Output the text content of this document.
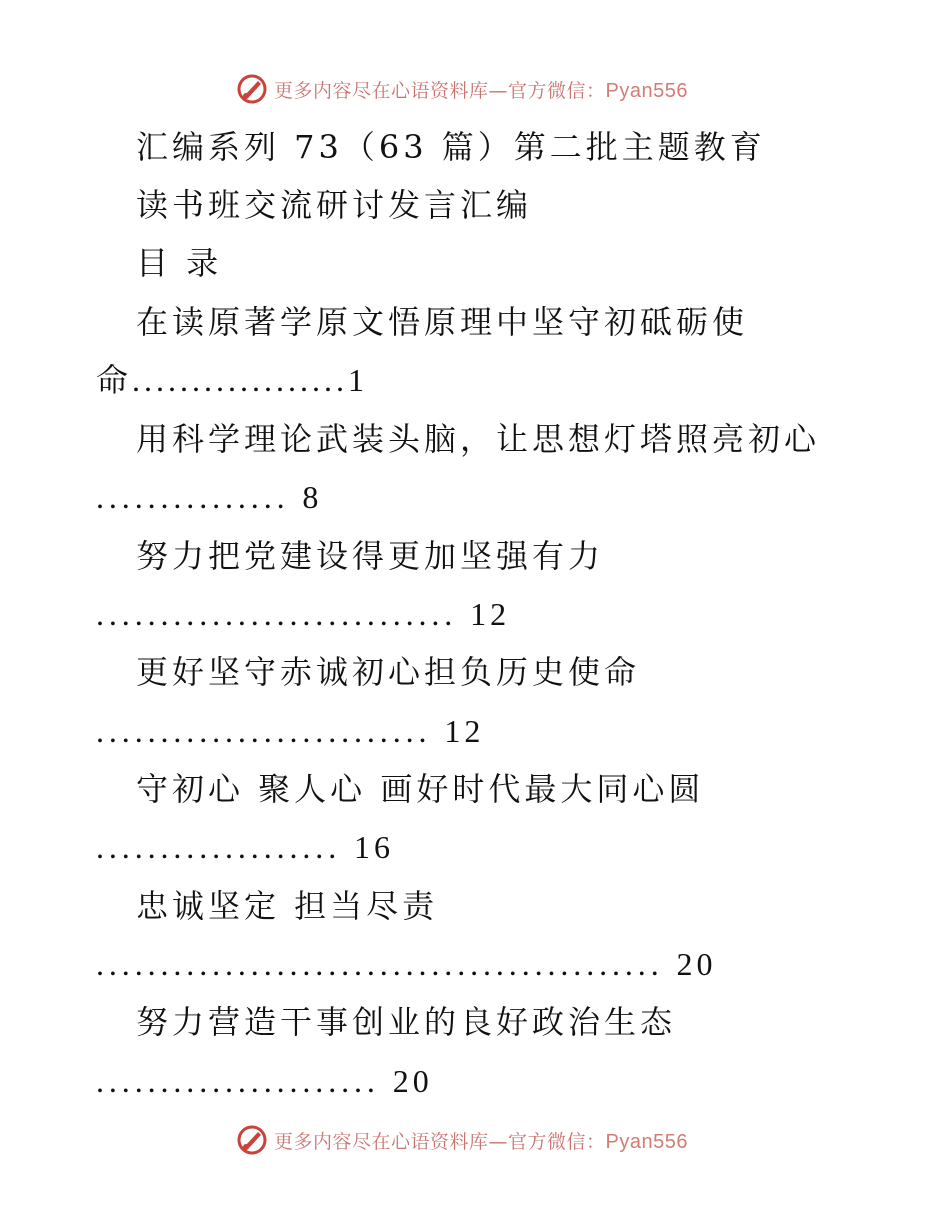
更多内容尽在心语资料库—官方微信：Pyan556
汇编系列 73（63 篇）第二批主题教育
读书班交流研讨发言汇编
目 录
在读原著学原文悟原理中坚守初砥砺使
命..................1
用科学理论武装头脑，让思想灯塔照亮初心
............... 8
努力把党建设得更加坚强有力
............................ 12
更好坚守赤诚初心担负历史使命
.......................... 12
守初心 聚人心 画好时代最大同心圆
................... 16
忠诚坚定 担当尽责
............................................ 20
努力营造干事创业的良好政治生态
...................... 20
更多内容尽在心语资料库—官方微信：Pyan556
